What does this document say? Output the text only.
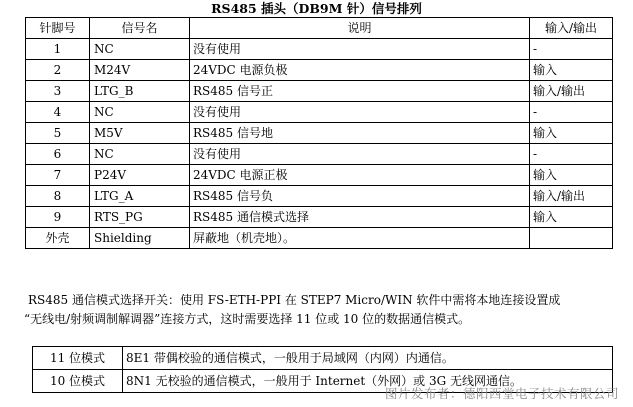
RS485 插头（DB9M 针）信号排列
针脚号	信号名	说明	输入/输出
1	NC	没有使用	-
2	M24V	24VDC 电源负极	输入
3	LTG_B	RS485 信号正	输入/输出
4	NC	没有使用	-
5	M5V	RS485 信号地	输入
6	NC	没有使用	-
7	P24V	24VDC 电源正极	输入
8	LTG_A	RS485 信号负	输入/输出
9	RTS_PG	RS485 通信模式选择	输入
外壳	Shielding	屏蔽地（机壳地）。	
RS485 通信模式选择开关：使用 FS-ETH-PPI 在 STEP7 Micro/WIN 软件中需将本地连接设置成
“无线电/射频调制解调器”连接方式，这时需要选择 11 位或 10 位的数据通信模式。
11 位模式	8E1 带偶校验的通信模式，一般用于局域网（内网）内通信。
10 位模式	8N1 无校验的通信模式，一般用于 Internet（外网）或 3G 无线网通信。
图片发布者：德阳西堂电子技术有限公司
